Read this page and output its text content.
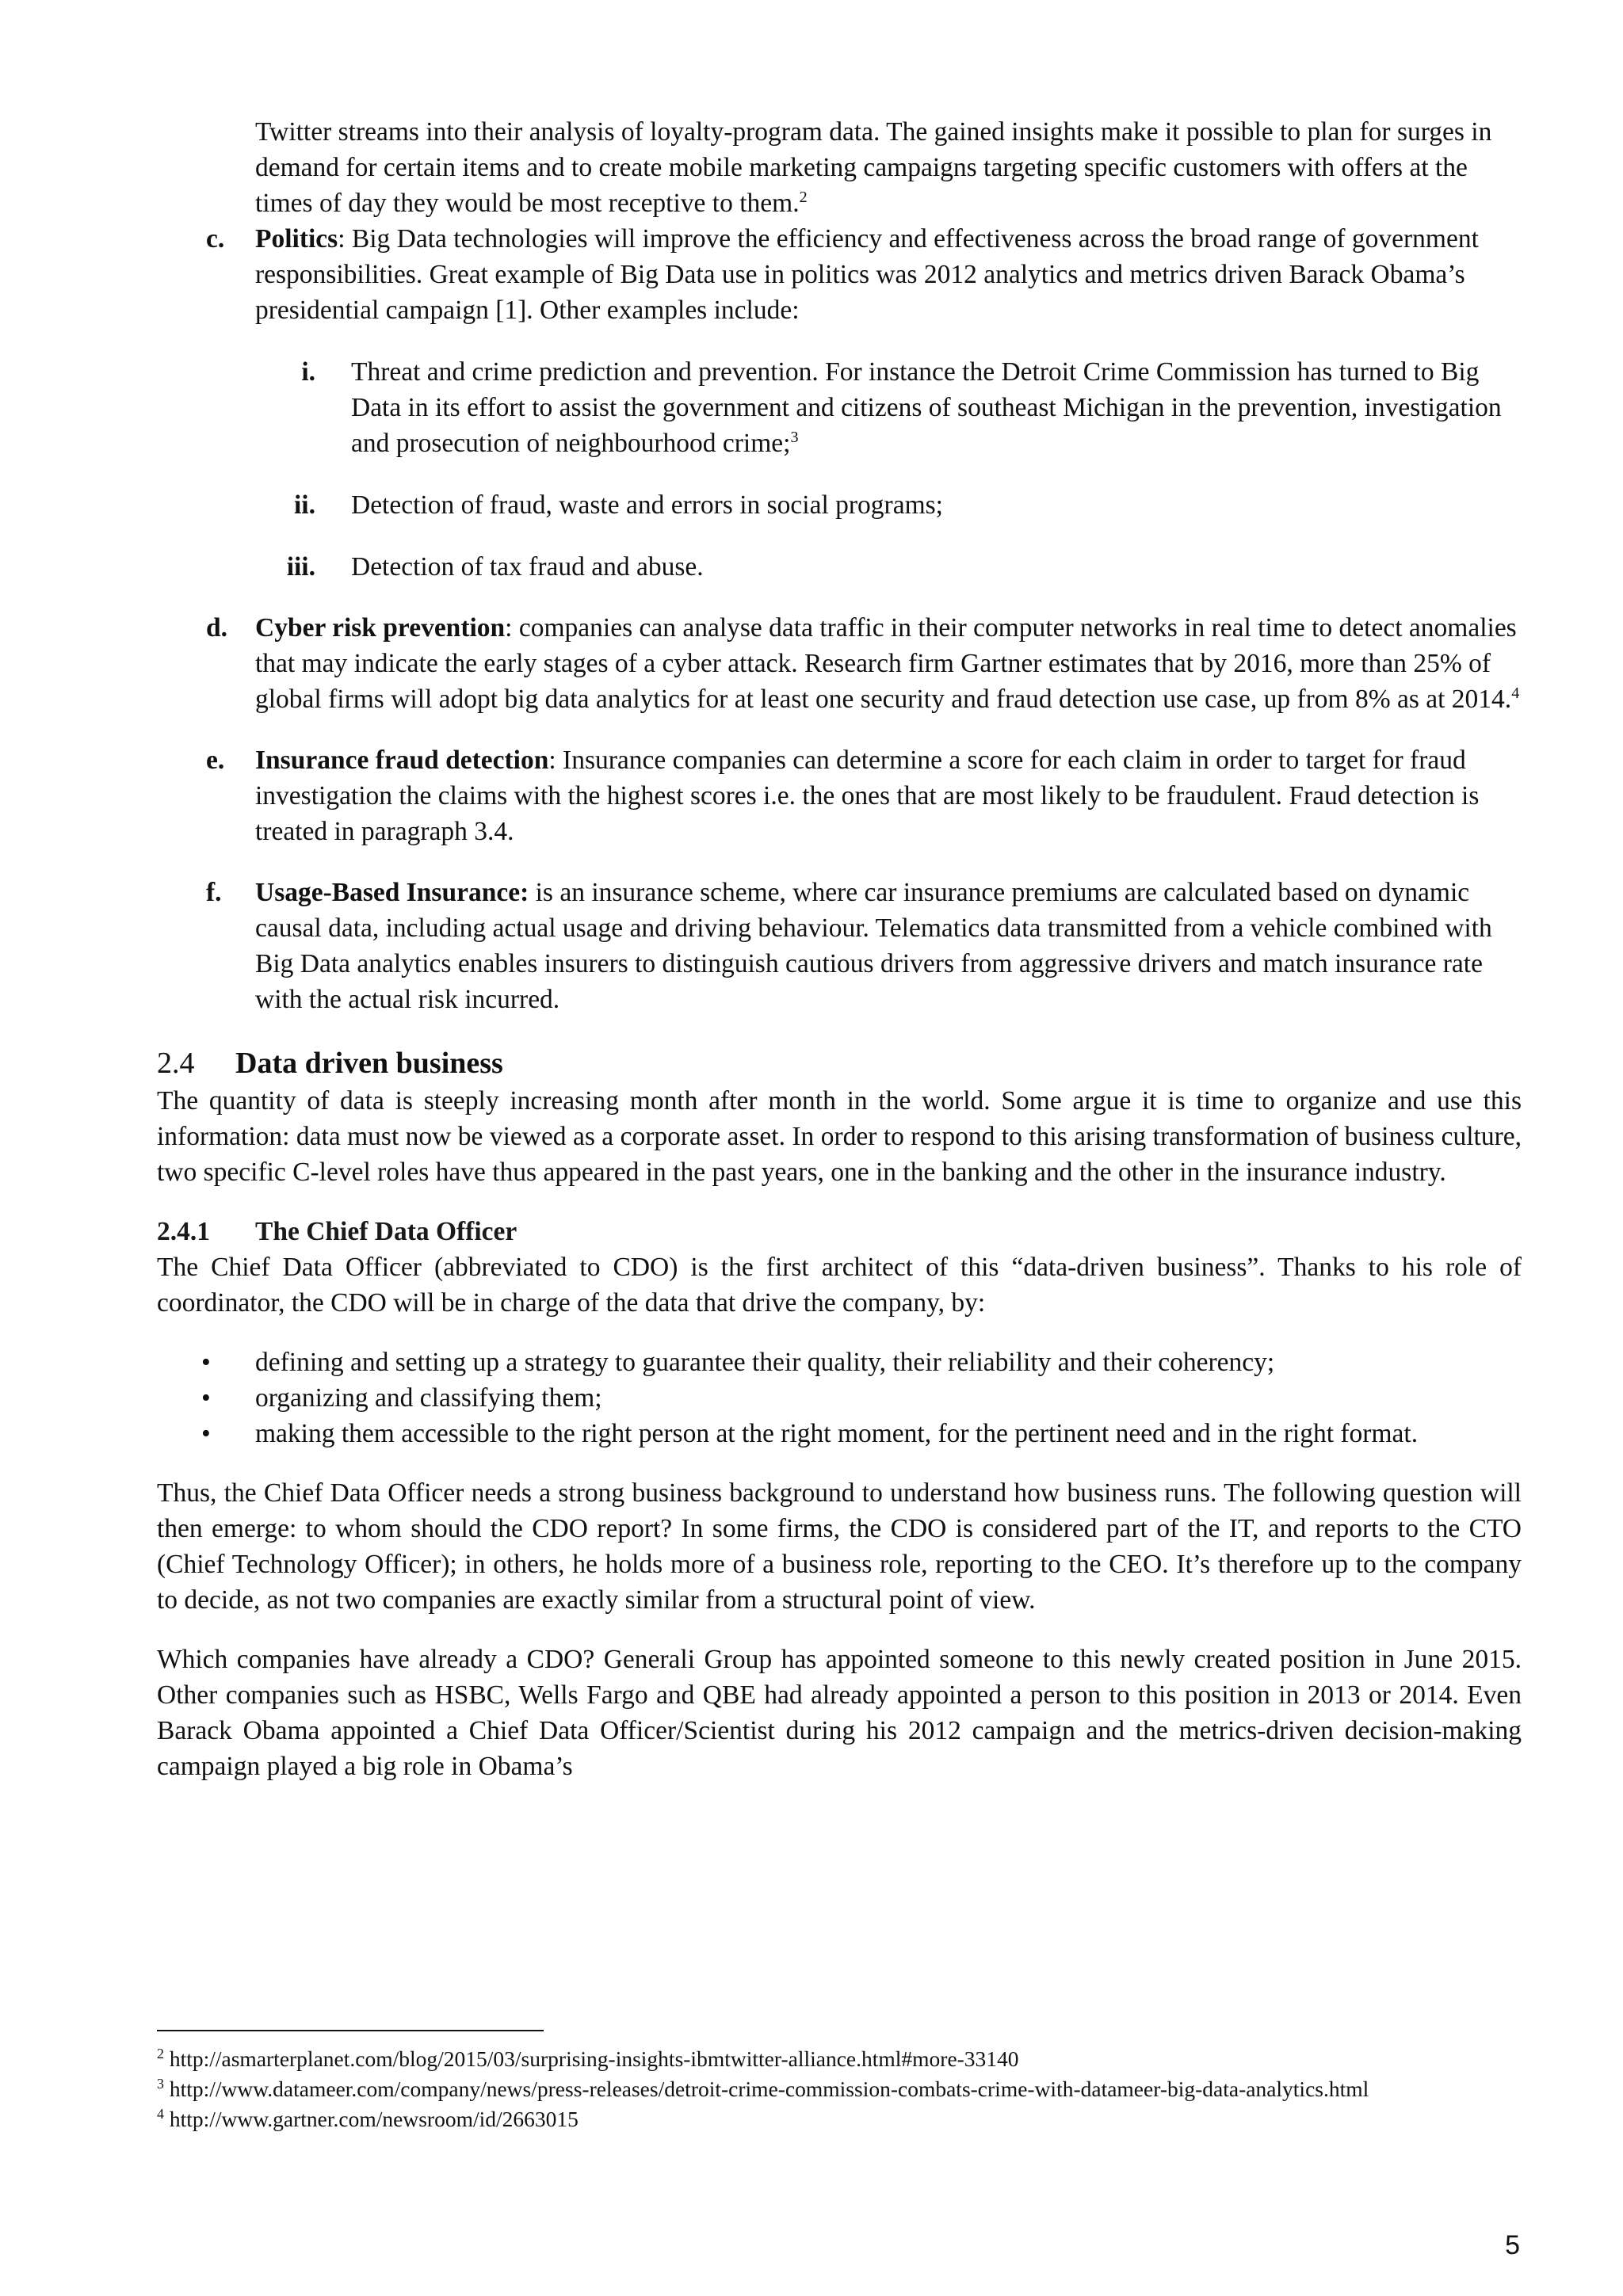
Twitter streams into their analysis of loyalty-program data. The gained insights make it possible to plan for surges in demand for certain items and to create mobile marketing campaigns targeting specific customers with offers at the times of day they would be most receptive to them.$^2$
c. Politics: Big Data technologies will improve the efficiency and effectiveness across the broad range of government responsibilities. Great example of Big Data use in politics was 2012 analytics and metrics driven Barack Obama’s presidential campaign [1]. Other examples include:
i. Threat and crime prediction and prevention. For instance the Detroit Crime Commission has turned to Big Data in its effort to assist the government and citizens of southeast Michigan in the prevention, investigation and prosecution of neighbourhood crime;$^3$
ii. Detection of fraud, waste and errors in social programs;
iii. Detection of tax fraud and abuse.
d. Cyber risk prevention: companies can analyse data traffic in their computer networks in real time to detect anomalies that may indicate the early stages of a cyber attack. Research firm Gartner estimates that by 2016, more than 25% of global firms will adopt big data analytics for at least one security and fraud detection use case, up from 8% as at 2014.$^4$
e. Insurance fraud detection: Insurance companies can determine a score for each claim in order to target for fraud investigation the claims with the highest scores i.e. the ones that are most likely to be fraudulent. Fraud detection is treated in paragraph 3.4.
f. Usage-Based Insurance: is an insurance scheme, where car insurance premiums are calculated based on dynamic causal data, including actual usage and driving behaviour. Telematics data transmitted from a vehicle combined with Big Data analytics enables insurers to distinguish cautious drivers from aggressive drivers and match insurance rate with the actual risk incurred.
2.4 Data driven business

The quantity of data is steeply increasing month after month in the world. Some argue it is time to organize and use this information: data must now be viewed as a corporate asset. In order to respond to this arising transformation of business culture, two specific C-level roles have thus appeared in the past years, one in the banking and the other in the insurance industry.

2.4.1 The Chief Data Officer

The Chief Data Officer (abbreviated to CDO) is the first architect of this “data-driven business”. Thanks to his role of coordinator, the CDO will be in charge of the data that drive the company, by:

• defining and setting up a strategy to guarantee their quality, their reliability and their coherency;
• organizing and classifying them;
• making them accessible to the right person at the right moment, for the pertinent need and in the right format.

Thus, the Chief Data Officer needs a strong business background to understand how business runs. The following question will then emerge: to whom should the CDO report? In some firms, the CDO is considered part of the IT, and reports to the CTO (Chief Technology Officer); in others, he holds more of a business role, reporting to the CEO. It’s therefore up to the company to decide, as not two companies are exactly similar from a structural point of view.

Which companies have already a CDO? Generali Group has appointed someone to this newly created position in June 2015. Other companies such as HSBC, Wells Fargo and QBE had already appointed a person to this position in 2013 or 2014. Even Barack Obama appointed a Chief Data Officer/Scientist during his 2012 campaign and the metrics-driven decision-making campaign played a big role in Obama’s

$^2$ http://asmarterplanet.com/blog/2015/03/surprising-insights-ibmtwitter-alliance.html#more-33140
$^3$ http://www.datameer.com/company/news/press-releases/detroit-crime-commission-combats-crime-with-datameer-big-data-analytics.html
$^4$ http://www.gartner.com/newsroom/id/2663015
5
